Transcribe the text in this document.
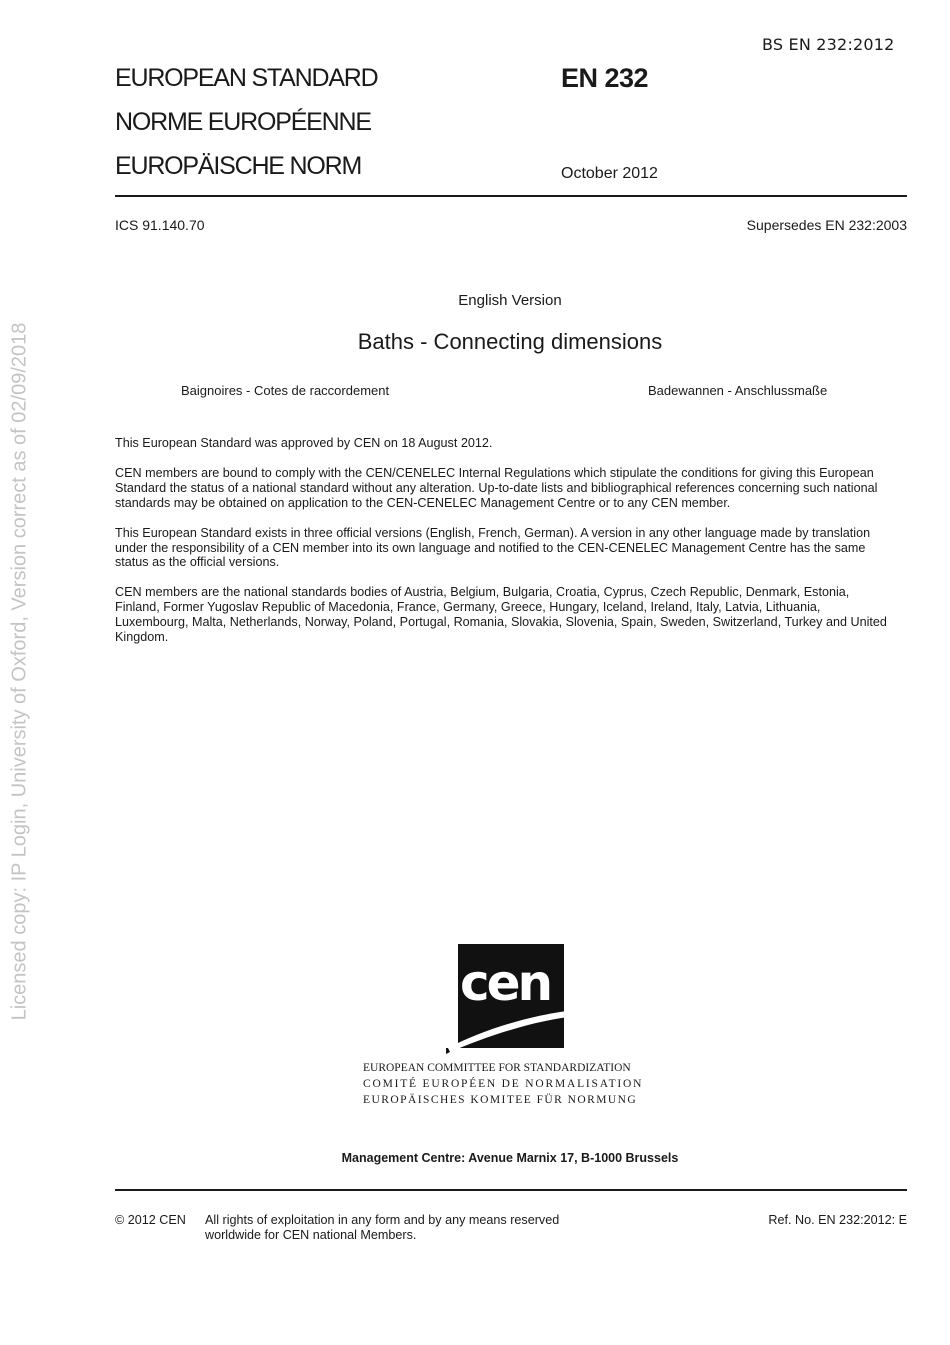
Licensed copy: IP Login, University of Oxford, Version correct as of 02/09/2018
BS EN 232:2012
EUROPEAN STANDARD
NORME EUROPÉENNE
EUROPÄISCHE NORM
EN 232
October 2012
ICS 91.140.70	Supersedes EN 232:2003
English Version
Baths - Connecting dimensions
Baignoires - Cotes de raccordement	Badewannen - Anschlussmaße

This European Standard was approved by CEN on 18 August 2012.

CEN members are bound to comply with the CEN/CENELEC Internal Regulations which stipulate the conditions for giving this European
Standard the status of a national standard without any alteration. Up-to-date lists and bibliographical references concerning such national
standards may be obtained on application to the CEN-CENELEC Management Centre or to any CEN member.

This European Standard exists in three official versions (English, French, German). A version in any other language made by translation
under the responsibility of a CEN member into its own language and notified to the CEN-CENELEC Management Centre has the same
status as the official versions.

CEN members are the national standards bodies of Austria, Belgium, Bulgaria, Croatia, Cyprus, Czech Republic, Denmark, Estonia,
Finland, Former Yugoslav Republic of Macedonia, France, Germany, Greece, Hungary, Iceland, Ireland, Italy, Latvia, Lithuania,
Luxembourg, Malta, Netherlands, Norway, Poland, Portugal, Romania, Slovakia, Slovenia, Spain, Sweden, Switzerland, Turkey and United
Kingdom.

cen
EUROPEAN COMMITTEE FOR STANDARDIZATION
COMITÉ EUROPÉEN DE NORMALISATION
EUROPÄISCHES KOMITEE FÜR NORMUNG
Management Centre: Avenue Marnix 17, B-1000 Brussels
© 2012 CEN All rights of exploitation in any form and by any means reserved
worldwide for CEN national Members.
Ref. No. EN 232:2012: E
